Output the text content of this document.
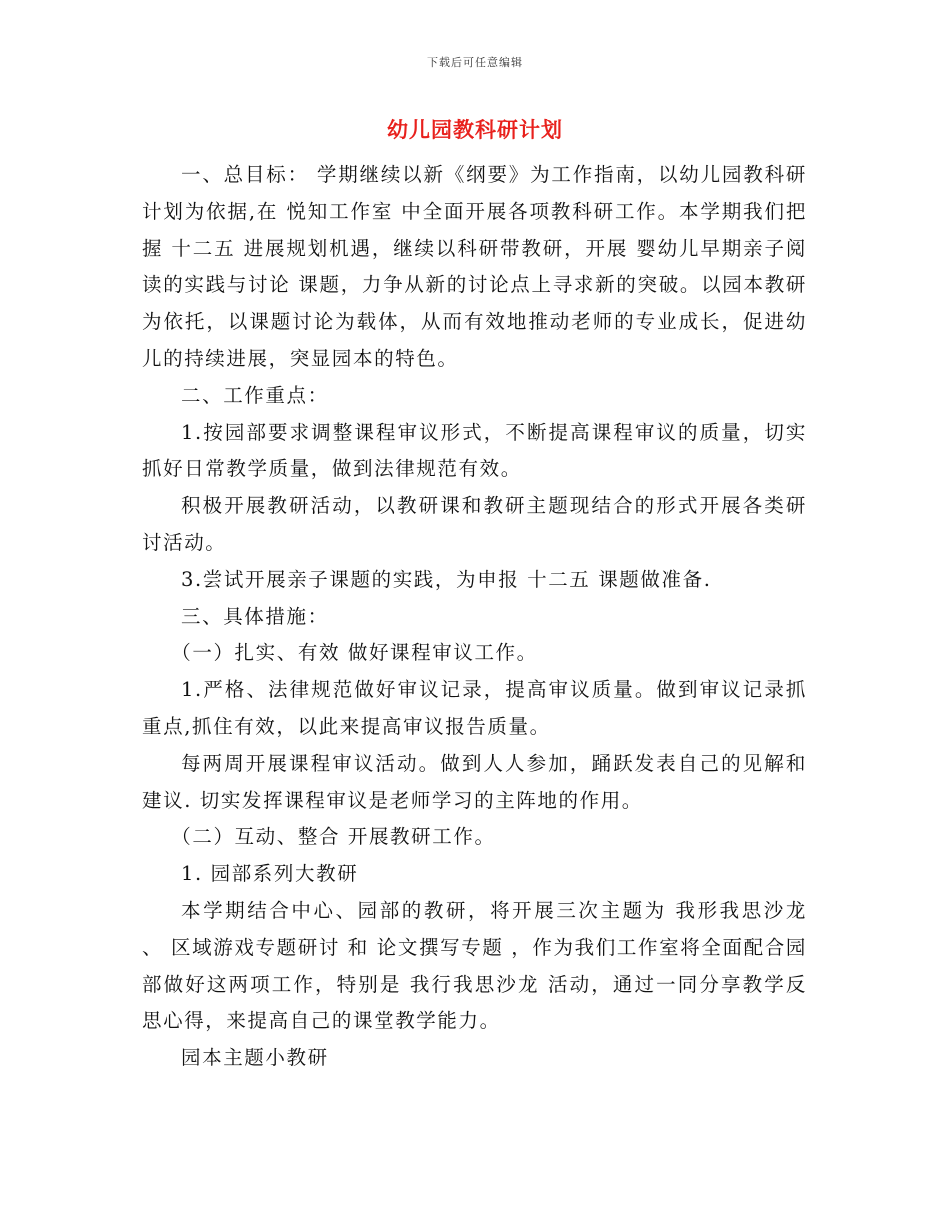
下载后可任意编辑
幼儿园教科研计划

一、总目标： 学期继续以新《纲要》为工作指南，以幼儿园教科研计划为依据,在 悦知工作室 中全面开展各项教科研工作。本学期我们把握 十二五 进展规划机遇，继续以科研带教研，开展 婴幼儿早期亲子阅读的实践与讨论 课题，力争从新的讨论点上寻求新的突破。以园本教研为依托，以课题讨论为载体，从而有效地推动老师的专业成长，促进幼儿的持续进展，突显园本的特色。

二、工作重点：

1.按园部要求调整课程审议形式，不断提高课程审议的质量，切实抓好日常教学质量，做到法律规范有效。

积极开展教研活动，以教研课和教研主题现结合的形式开展各类研讨活动。

3.尝试开展亲子课题的实践，为申报 十二五 课题做准备.

三、具体措施：

（一）扎实、有效 做好课程审议工作。

1.严格、法律规范做好审议记录，提高审议质量。做到审议记录抓重点,抓住有效，以此来提高审议报告质量。

每两周开展课程审议活动。做到人人参加，踊跃发表自己的见解和建议. 切实发挥课程审议是老师学习的主阵地的作用。

（二）互动、整合 开展教研工作。

1. 园部系列大教研

本学期结合中心、园部的教研，将开展三次主题为 我形我思沙龙 、 区域游戏专题研讨 和 论文撰写专题 ，作为我们工作室将全面配合园部做好这两项工作，特别是 我行我思沙龙 活动，通过一同分享教学反思心得，来提高自己的课堂教学能力。

园本主题小教研
